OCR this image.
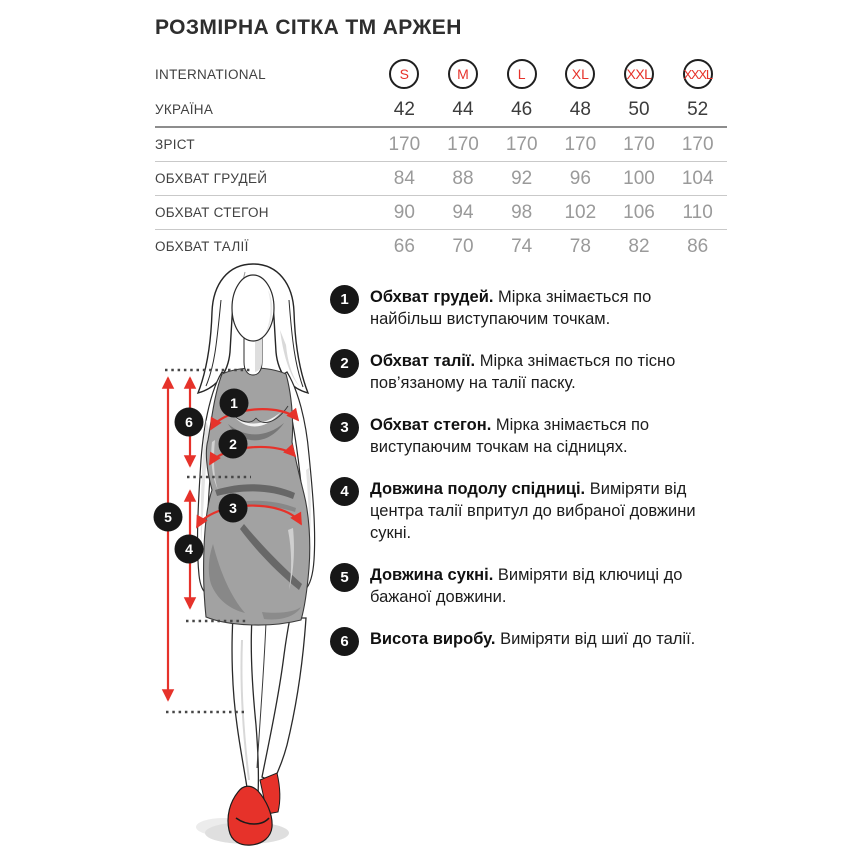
РОЗМІРНА СІТКА ТМ АРЖЕН
INTERNATIONAL	S	M	L	XL	XXL XXXL
УКРАЇНА	42 44 46 48 50 52
ЗРІСТ	170 170 170 170 170 170
ОБХВАТ ГРУДЕЙ	84 88 92 96 100 104
ОБХВАТ СТЕГОН	90 94 98 102 106 110
ОБХВАТ ТАЛІЇ	66 70 74 78 82 86
1
2
3
4
5
6
1	Обхват грудей. Мірка знімається по найбільш виступаючим точкам.
2	Обхват талії. Мірка знімається по тісно пов’язаному на талії паску.
3	Обхват стегон. Мірка знімається по виступаючим точкам на сідницях.
4	Довжина подолу спідниці. Виміряти від центра талії впритул до вибраної довжини сукні.
5	Довжина сукні. Виміряти від ключиці до бажаної довжини.
6	Висота виробу. Виміряти від шиї до талії.
